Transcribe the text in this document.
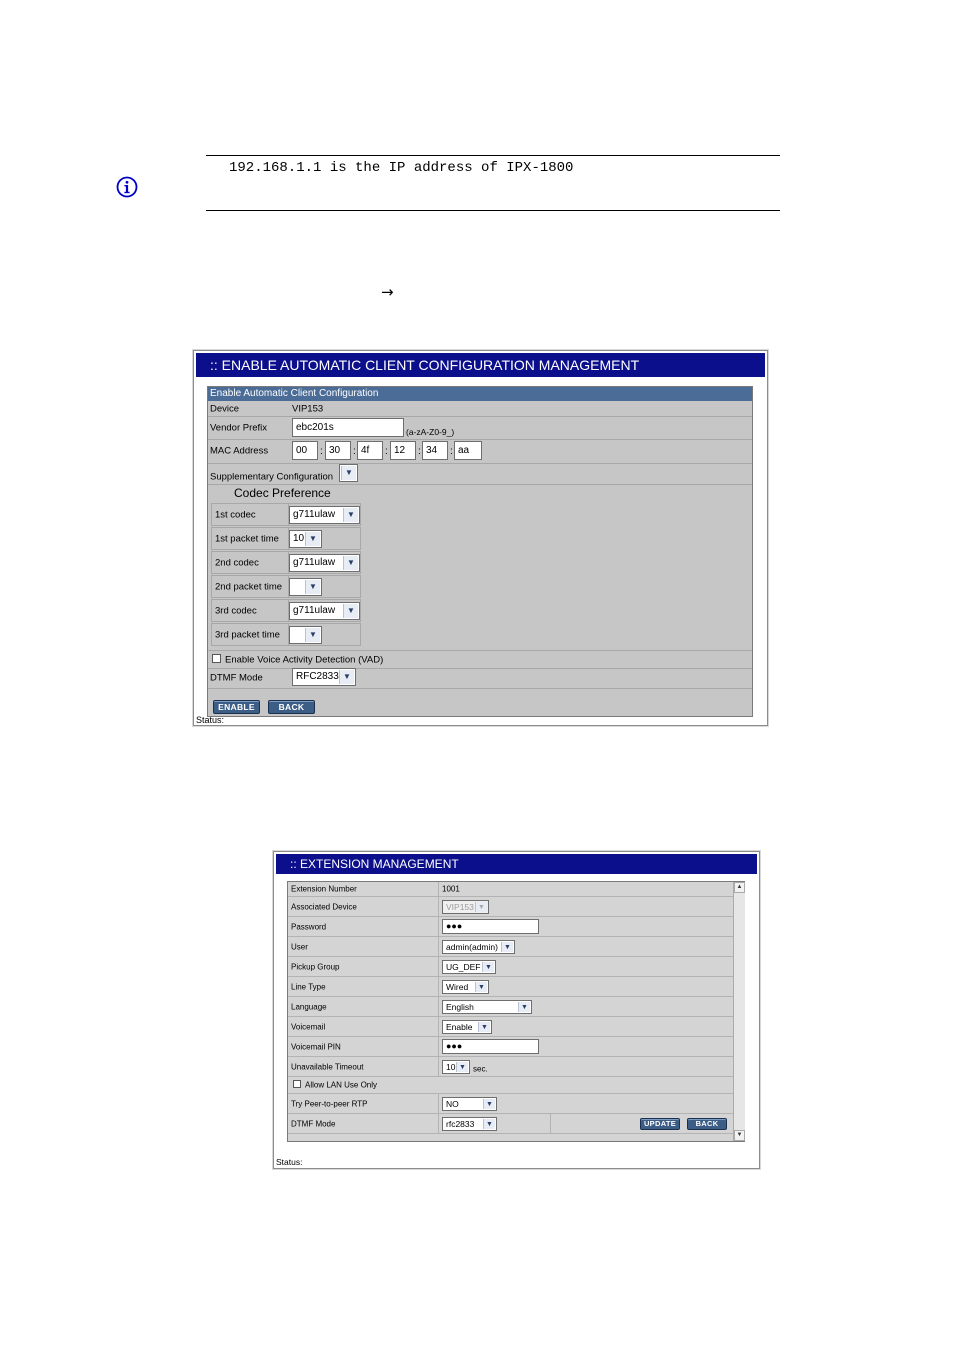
192.168.1.1 is the IP address of IPX-1800
→
:: ENABLE AUTOMATIC CLIENT CONFIGURATION MANAGEMENT
Enable Automatic Client Configuration
Device	VIP153
Vendor Prefix	ebc201s	(a-zA-Z0-9_)
MAC Address	00	: 30	: 4f	: 12	: 34	: aa
Supplementary Configuration	▼
Codec Preference
1st codec	g711ulaw	▼
1st packet time	10 ▼
2nd codec	g711ulaw	▼
2nd packet time	▼
3rd codec	g711ulaw	▼
3rd packet time	▼
Enable Voice Activity Detection (VAD)
DTMF Mode	RFC2833 ▼
ENABLE	BACK
Status:
:: EXTENSION MANAGEMENT
Extension Number	1001
Associated Device	VIP153 ▼
Password	●●●
User	admin(admin) ▼
Pickup Group	UG_DEF ▼
Line Type	Wired	▼
Language	English	▼
Voicemail	Enable	▼
Voicemail PIN	●●●
Unavailable Timeout	10 ▼ sec.
Allow LAN Use Only
Try Peer-to-peer RTP	NO	▼
DTMF Mode	rfc2833	▼	UPDATE	BACK
▲
▼
Status:
